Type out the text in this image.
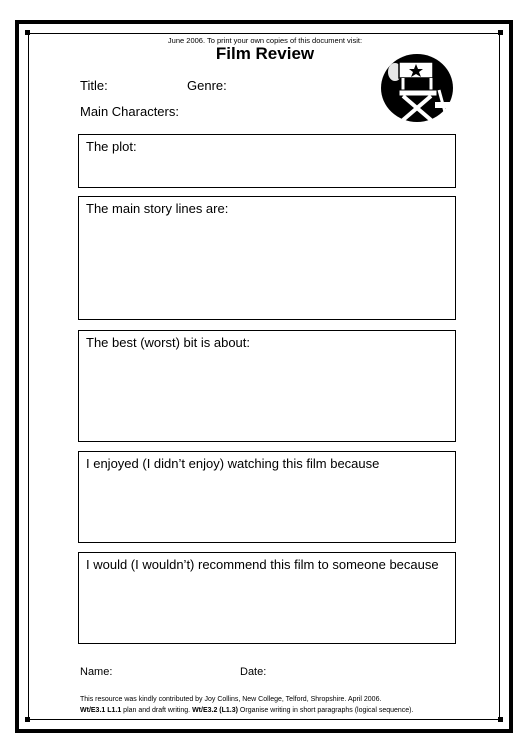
June 2006. To print your own copies of this document visit:
Film Review
Title:	Genre:
Main Characters:
The plot:
The main story lines are:
The best (worst) bit is about:
I enjoyed (I didn’t enjoy) watching this film because
I would (I wouldn’t) recommend this film to someone because
Name:	Date:
This resource was kindly contributed by Joy Collins, New College, Telford, Shropshire. April 2006.
Wt/E3.1 L1.1 plan and draft writing. Wt/E3.2 (L1.3) Organise writing in short paragraphs (logical sequence).
